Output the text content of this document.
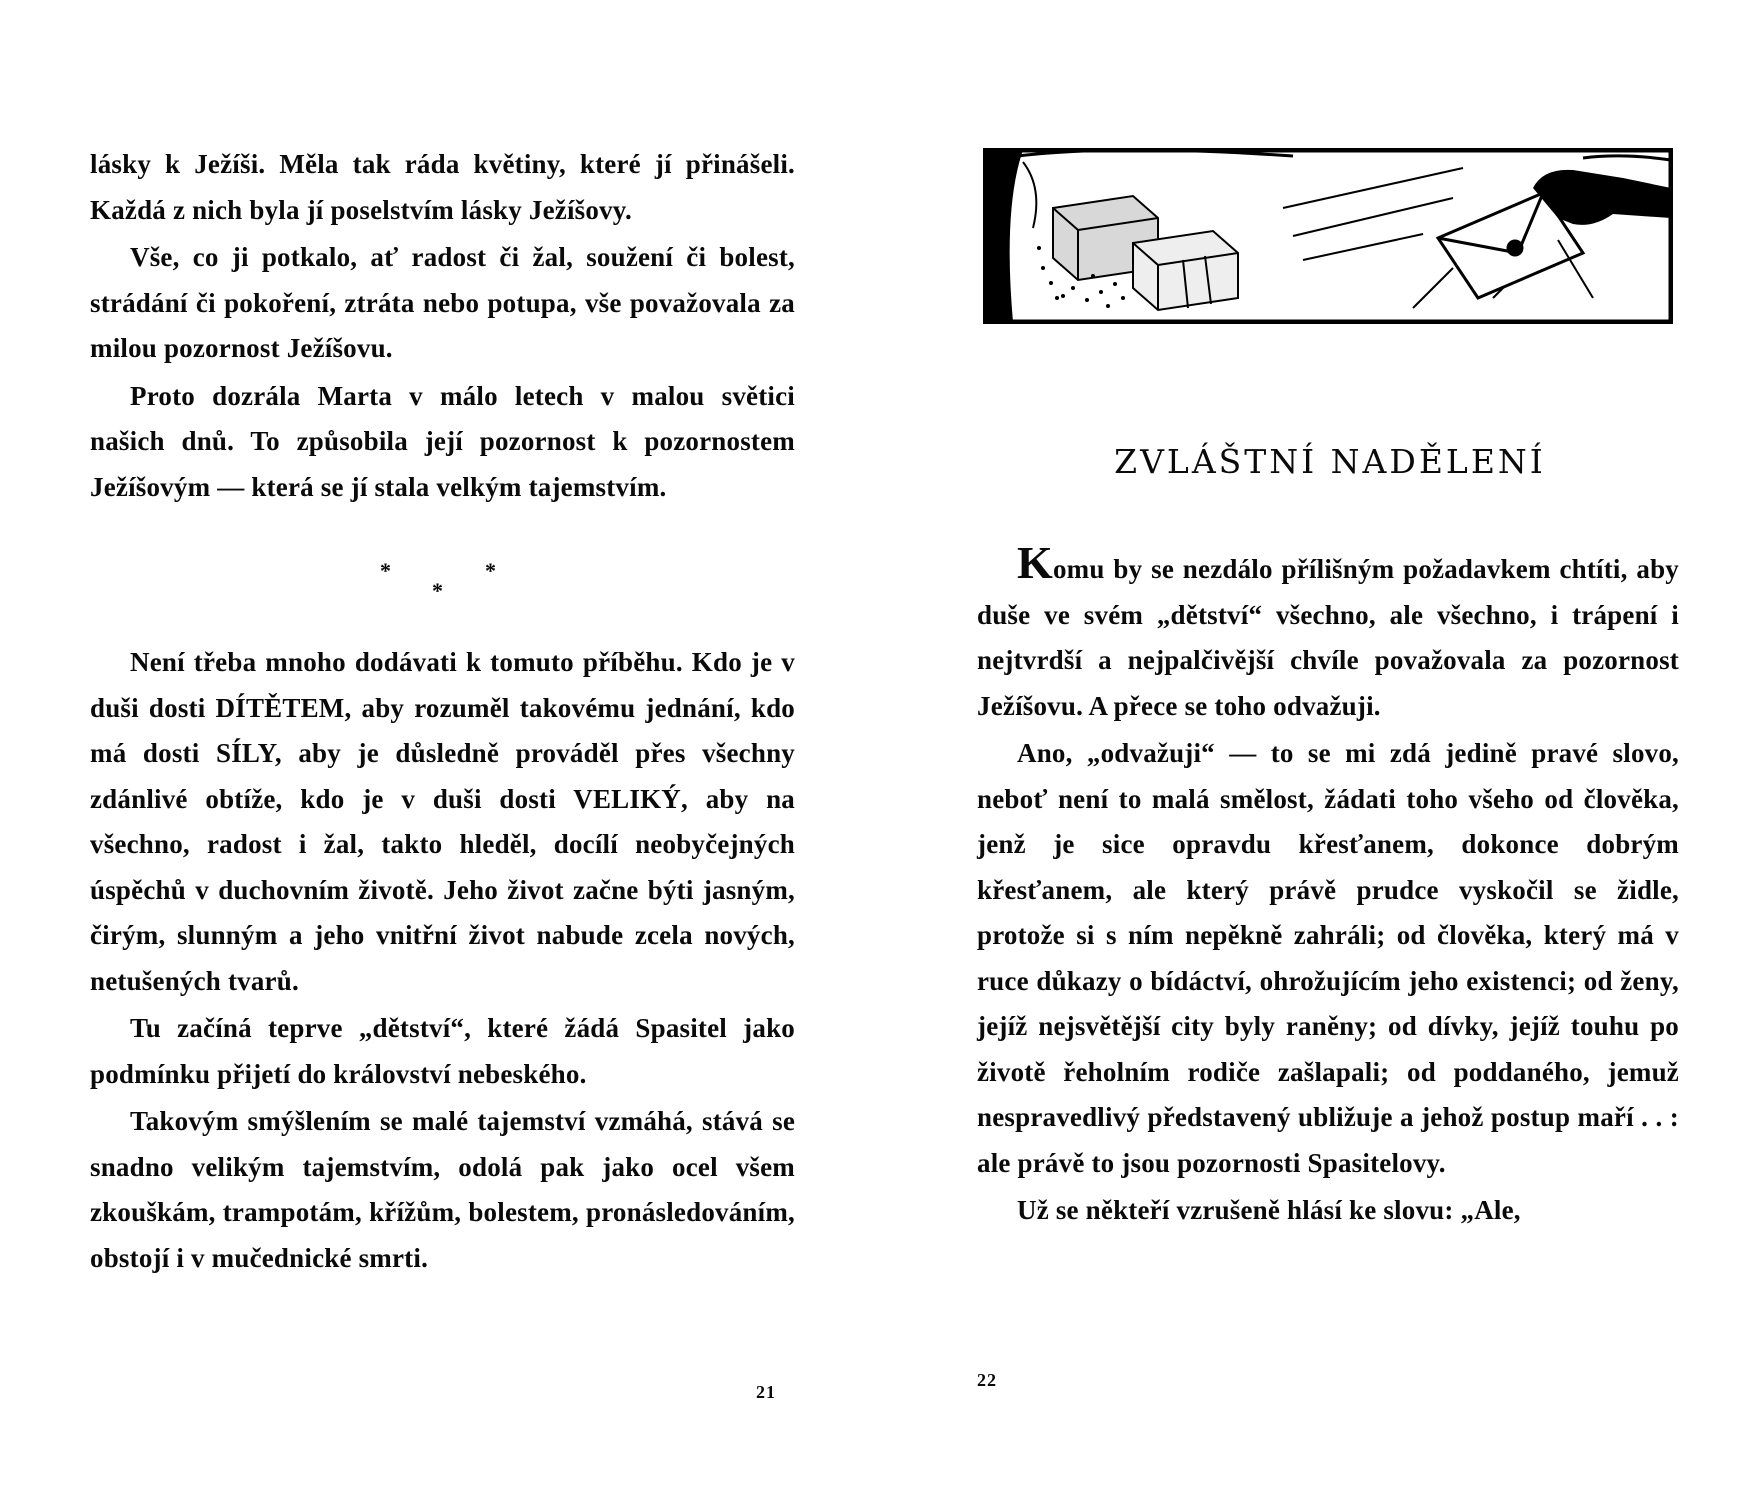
lásky k Ježíši. Měla tak ráda květiny, které jí přinášeli. Každá z nich byla jí poselstvím lásky Ježíšovy.

Vše, co ji potkalo, ať radost či žal, soužení či bolest, strádání či pokoření, ztráta nebo potupa, vše považovala za milou pozornost Ježíšovu.

Proto dozrála Marta v málo letech v malou světici našich dnů. To způsobila její pozornost k pozornostem Ježíšovým — která se jí stala velkým tajemstvím.

*
*
*

Není třeba mnoho dodávati k tomuto příběhu. Kdo je v duši dosti DÍTĚTEM, aby rozuměl takovému jednání, kdo má dosti SÍLY, aby je důsledně prováděl přes všechny zdánlivé obtíže, kdo je v duši dosti VELIKÝ, aby na všechno, radost i žal, takto hleděl, docílí neobyčejných úspěchů v duchovním životě. Jeho život začne býti jasným, čirým, slunným a jeho vnitřní život nabude zcela nových, netušených tvarů.

Tu začíná teprve „dětství“, které žádá Spasitel jako podmínku přijetí do království nebeského.

Takovým smýšlením se malé tajemství vzmáhá, stává se snadno velikým tajemstvím, odolá pak jako ocel všem zkouškám, trampotám, křížům, bolestem, pronásledováním, obstojí i v mučednické smrti.

21
ZVLÁŠTNÍ NADĚLENÍ

Komu by se nezdálo přílišným požadavkem chtíti, aby duše ve svém „dětství“ všechno, ale všechno, i trápení i nejtvrdší a nejpalčivější chvíle považovala za pozornost Ježíšovu. A přece se toho odvažuji.

Ano, „odvažuji“ — to se mi zdá jedině pravé slovo, neboť není to malá smělost, žádati toho všeho od člověka, jenž je sice opravdu křesťanem, dokonce dobrým křesťanem, ale který právě prudce vyskočil se židle, protože si s ním nepěkně zahráli; od člověka, který má v ruce důkazy o bídáctví, ohrožujícím jeho existenci; od ženy, jejíž nejsvětější city byly raněny; od dívky, jejíž touhu po životě řeholním rodiče zašlapali; od poddaného, jemuž nespravedlivý představený ubližuje a jehož postup maří . . : ale právě to jsou pozornosti Spasitelovy.

Už se někteří vzrušeně hlásí ke slovu: „Ale,

22
